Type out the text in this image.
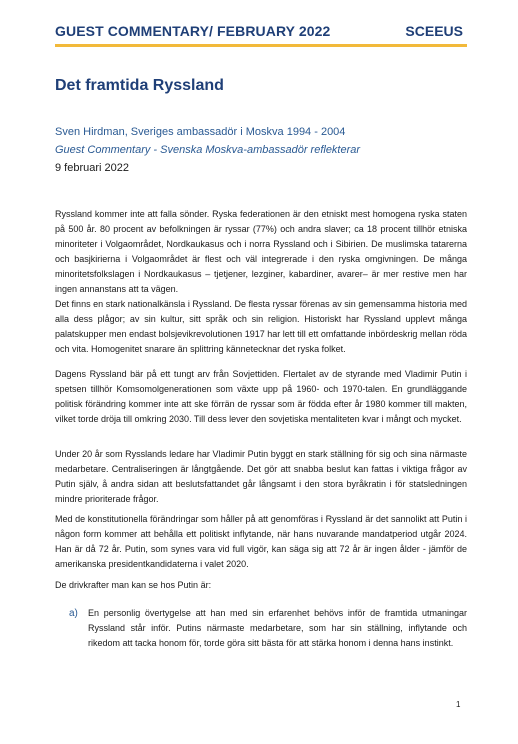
GUEST COMMENTARY/ FEBRUARY 2022	SCEEUS
Det framtida Ryssland
Sven Hirdman, Sveriges ambassadör i Moskva 1994 - 2004
Guest Commentary - Svenska Moskva-ambassadör reflekterar
9 februari 2022

Ryssland kommer inte att falla sönder. Ryska federationen är den etniskt mest homogena ryska staten på 500 år. 80 procent av befolkningen är ryssar (77%) och andra slaver; ca 18 procent tillhör etniska minoriteter i Volgaområdet, Nordkaukasus och i norra Ryssland och i Sibirien. De muslimska tatarerna och basjkirierna i Volgaområdet är flest och väl integrerade i den ryska omgivningen. De många minoritetsfolkslagen i Nordkaukasus – tjetjener, lezginer, kabardiner, avarer– är mer restive men har ingen annanstans att ta vägen.

Det finns en stark nationalkänsla i Ryssland. De flesta ryssar förenas av sin gemensamma historia med alla dess plågor; av sin kultur, sitt språk och sin religion. Historiskt har Ryssland upplevt många palatskupper men endast bolsjevikrevolutionen 1917 har lett till ett omfattande inbördeskrig mellan röda och vita. Homogenitet snarare än splittring kännetecknar det ryska folket.

Dagens Ryssland bär på ett tungt arv från Sovjettiden. Flertalet av de styrande med Vladimir Putin i spetsen tillhör Komsomolgenerationen som växte upp på 1960- och 1970-talen. En grundläggande politisk förändring kommer inte att ske förrän de ryssar som är födda efter år 1980 kommer till makten, vilket torde dröja till omkring 2030. Till dess lever den sovjetiska mentaliteten kvar i mångt och mycket.

Under 20 år som Rysslands ledare har Vladimir Putin byggt en stark ställning för sig och sina närmaste medarbetare. Centraliseringen är långtgående. Det gör att snabba beslut kan fattas i viktiga frågor av Putin själv, å andra sidan att beslutsfattandet går långsamt i den stora byråkratin i för statsledningen mindre prioriterade frågor.

Med de konstitutionella förändringar som håller på att genomföras i Ryssland är det sannolikt att Putin i någon form kommer att behålla ett politiskt inflytande, när hans nuvarande mandatperiod utgår 2024. Han är då 72 år. Putin, som synes vara vid full vigör, kan säga sig att 72 år är ingen ålder - jämför de amerikanska presidentkandidaterna i valet 2020.

De drivkrafter man kan se hos Putin är:

a) En personlig övertygelse att han med sin erfarenhet behövs inför de framtida utmaningar Ryssland står inför. Putins närmaste medarbetare, som har sin ställning, inflytande och rikedom att tacka honom för, torde göra sitt bästa för att stärka honom i denna hans instinkt.

1
